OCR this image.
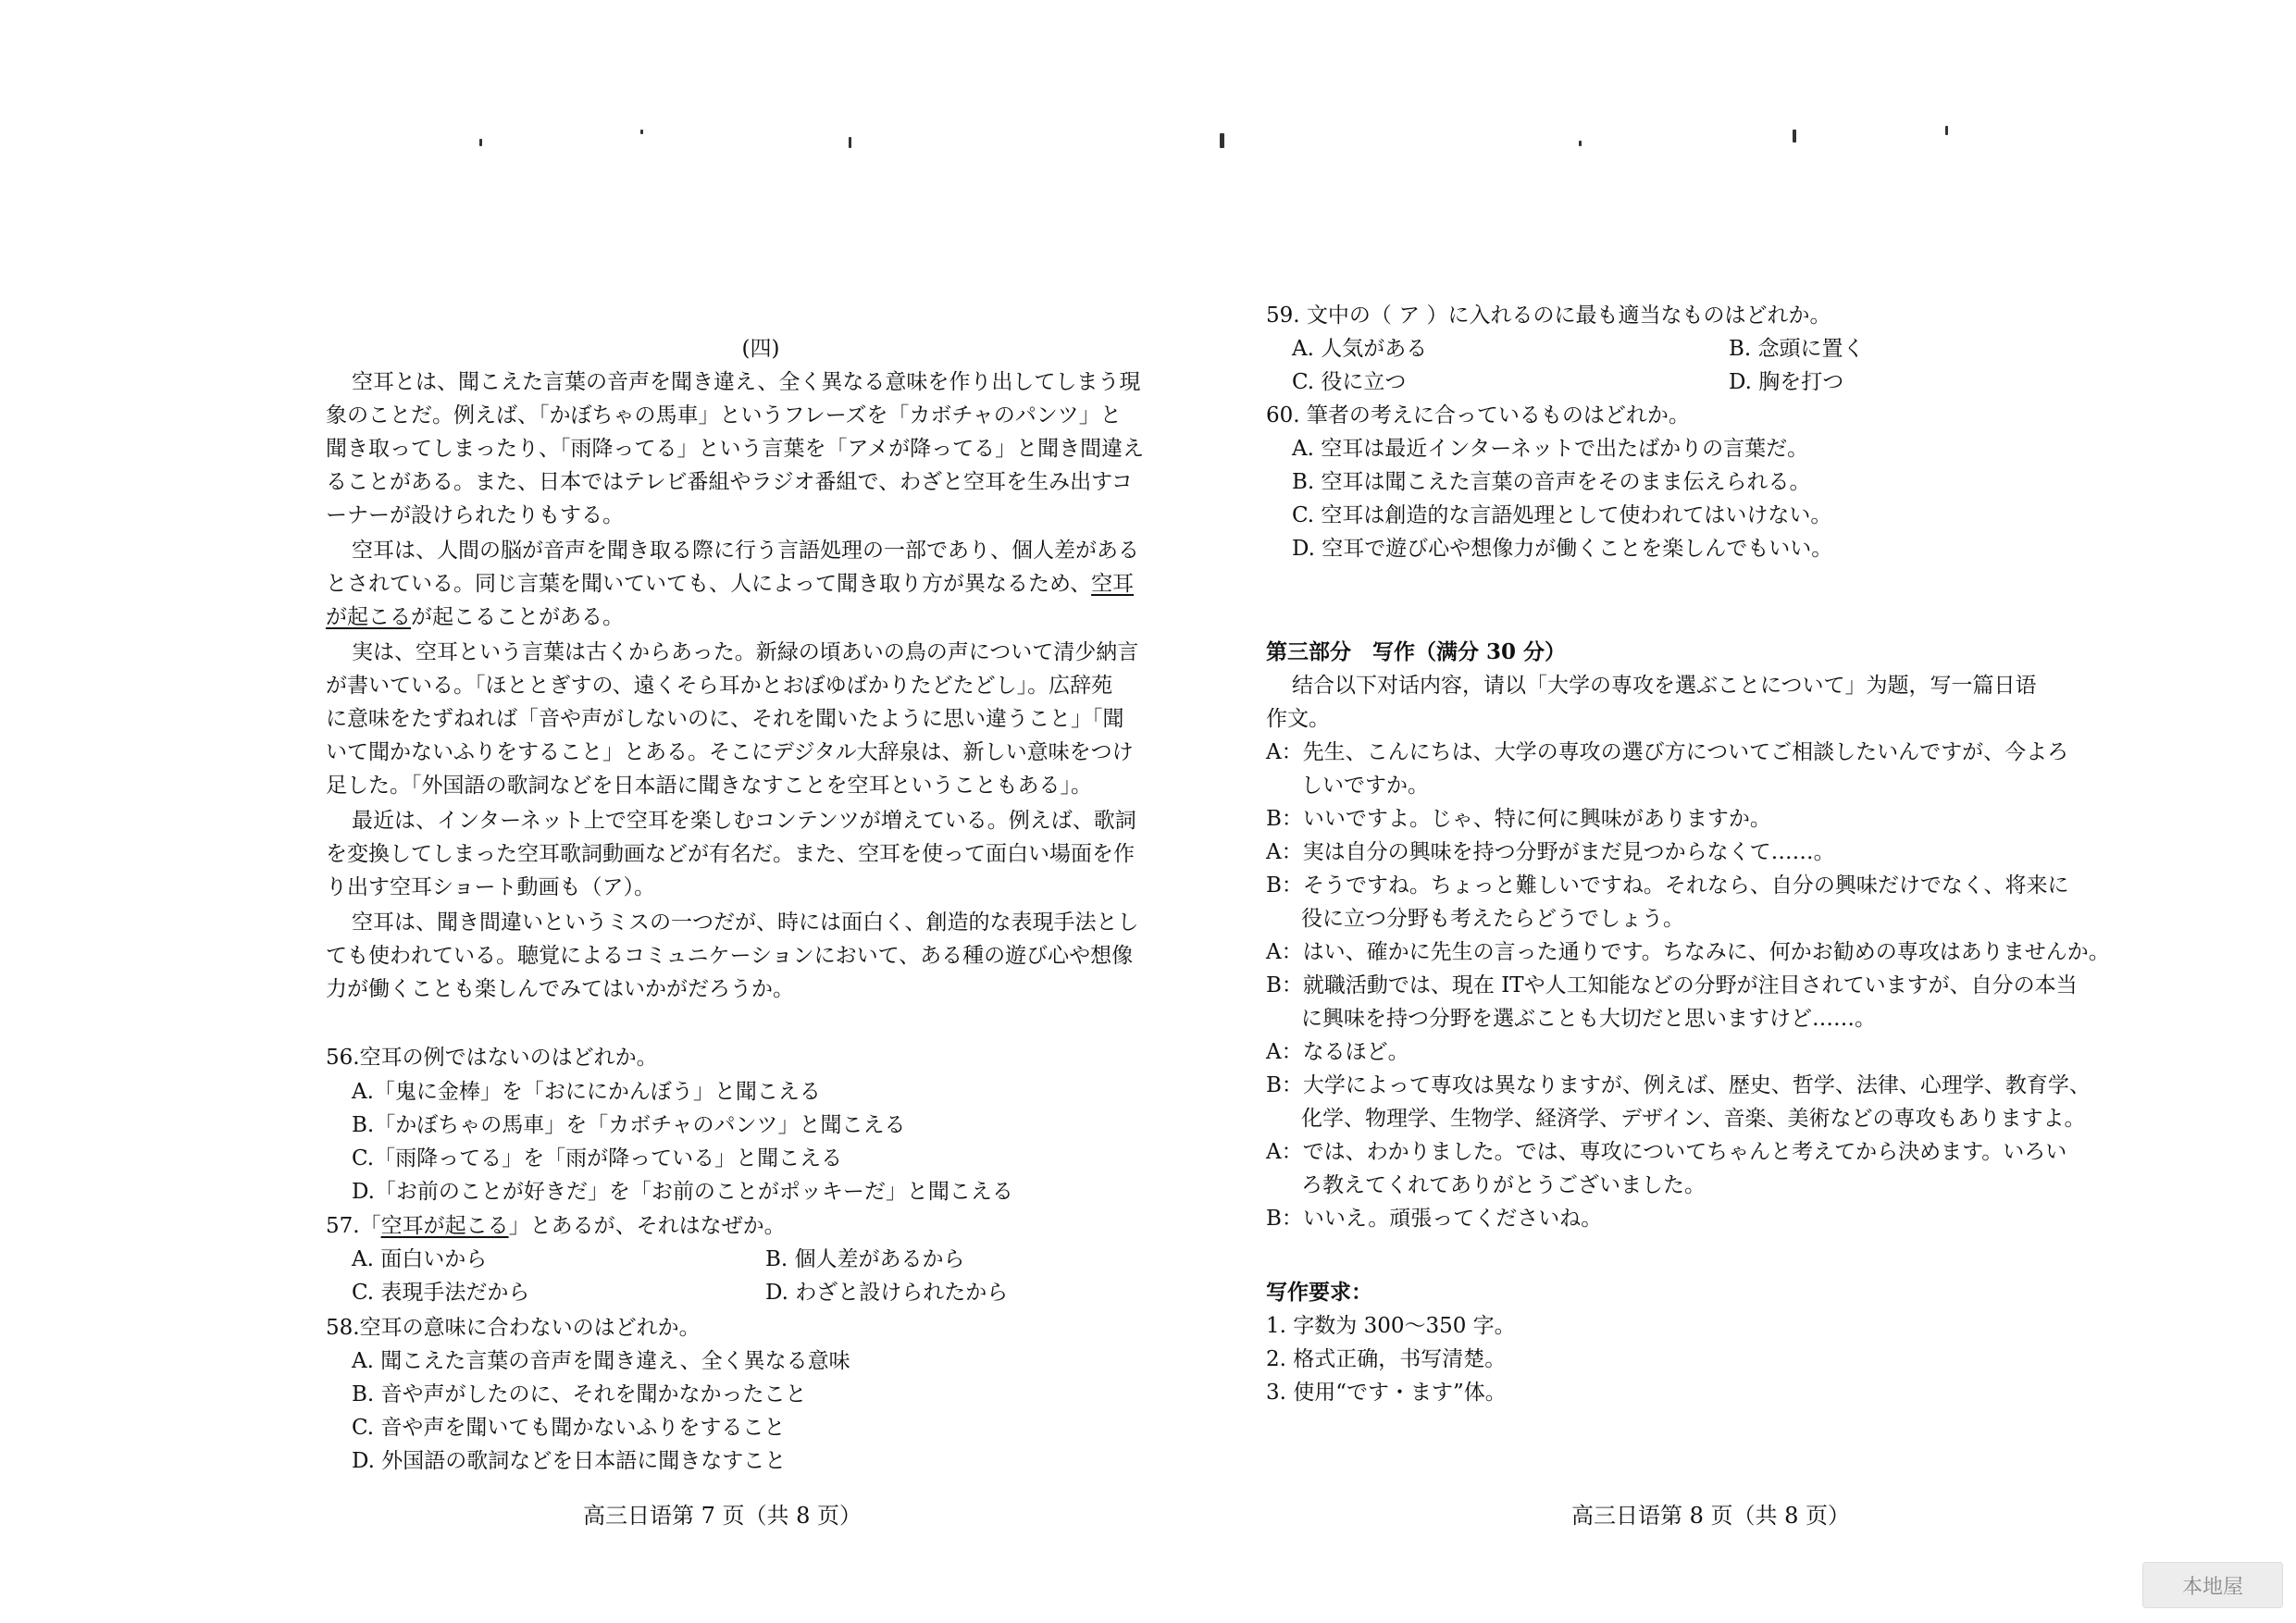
(四)
空耳とは、聞こえた言葉の音声を聞き違え、全く異なる意味を作り出してしまう現
象のことだ。例えば、「かぼちゃの馬車」というフレーズを「カボチャのパンツ」と
聞き取ってしまったり、「雨降ってる」という言葉を「アメが降ってる」と聞き間違え
ることがある。また、日本ではテレビ番組やラジオ番組で、わざと空耳を生み出すコ
ーナーが設けられたりもする。
空耳は、人間の脳が音声を聞き取る際に行う言語処理の一部であり、個人差がある
とされている。同じ言葉を聞いていても、人によって聞き取り方が異なるため、空耳
が起こるが起こることがある。
実は、空耳という言葉は古くからあった。新緑の頃あいの鳥の声について清少納言
が書いている。「ほととぎすの、遠くそら耳かとおぼゆばかりたどたどし」。広辞苑
に意味をたずねれば「音や声がしないのに、それを聞いたように思い違うこと」「聞
いて聞かないふりをすること」とある。そこにデジタル大辞泉は、新しい意味をつけ
足した。「外国語の歌詞などを日本語に聞きなすことを空耳ということもある」。
最近は、インターネット上で空耳を楽しむコンテンツが増えている。例えば、歌詞
を変換してしまった空耳歌詞動画などが有名だ。また、空耳を使って面白い場面を作
り出す空耳ショート動画も（ア）。
空耳は、聞き間違いというミスの一つだが、時には面白く、創造的な表現手法とし
ても使われている。聴覚によるコミュニケーションにおいて、ある種の遊び心や想像
力が働くことも楽しんでみてはいかがだろうか。
56.空耳の例ではないのはどれか。
A.「鬼に金棒」を「おににかんぼう」と聞こえる
B.「かぼちゃの馬車」を「カボチャのパンツ」と聞こえる
C.「雨降ってる」を「雨が降っている」と聞こえる
D.「お前のことが好きだ」を「お前のことがポッキーだ」と聞こえる
57.「空耳が起こる」とあるが、それはなぜか。
A. 面白いから	B. 個人差があるから
C. 表現手法だから	D. わざと設けられたから
58.空耳の意味に合わないのはどれか。
A. 聞こえた言葉の音声を聞き違え、全く異なる意味
B. 音や声がしたのに、それを聞かなかったこと
C. 音や声を聞いても聞かないふりをすること
D. 外国語の歌詞などを日本語に聞きなすこと
高三日语第 7 页（共 8 页）
59. 文中の（ ア ）に入れるのに最も適当なものはどれか。
A. 人気がある	B. 念頭に置く
C. 役に立つ	D. 胸を打つ
60. 筆者の考えに合っているものはどれか。
A. 空耳は最近インターネットで出たばかりの言葉だ。
B. 空耳は聞こえた言葉の音声をそのまま伝えられる。
C. 空耳は創造的な言語処理として使われてはいけない。
D. 空耳で遊び心や想像力が働くことを楽しんでもいい。
第三部分　写作（满分 30 分）
结合以下对话内容，请以「大学の専攻を選ぶことについて」为题，写一篇日语
作文。
A：先生、こんにちは、大学の専攻の選び方についてご相談したいんですが、今よろ
しいですか。
B：いいですよ。じゃ、特に何に興味がありますか。
A：実は自分の興味を持つ分野がまだ見つからなくて……。
B：そうですね。ちょっと難しいですね。それなら、自分の興味だけでなく、将来に
役に立つ分野も考えたらどうでしょう。
A：はい、確かに先生の言った通りです。ちなみに、何かお勧めの専攻はありませんか。
B：就職活動では、現在 ITや人工知能などの分野が注目されていますが、自分の本当
に興味を持つ分野を選ぶことも大切だと思いますけど……。
A：なるほど。
B：大学によって専攻は異なりますが、例えば、歴史、哲学、法律、心理学、教育学、
化学、物理学、生物学、経済学、デザイン、音楽、美術などの専攻もありますよ。
A：では、わかりました。では、専攻についてちゃんと考えてから決めます。いろい
ろ教えてくれてありがとうございました。
B：いいえ。頑張ってくださいね。
写作要求：
1. 字数为 300～350 字。
2. 格式正确，书写清楚。
3. 使用“です・ます”体。
高三日语第 8 页（共 8 页）
本地屋
